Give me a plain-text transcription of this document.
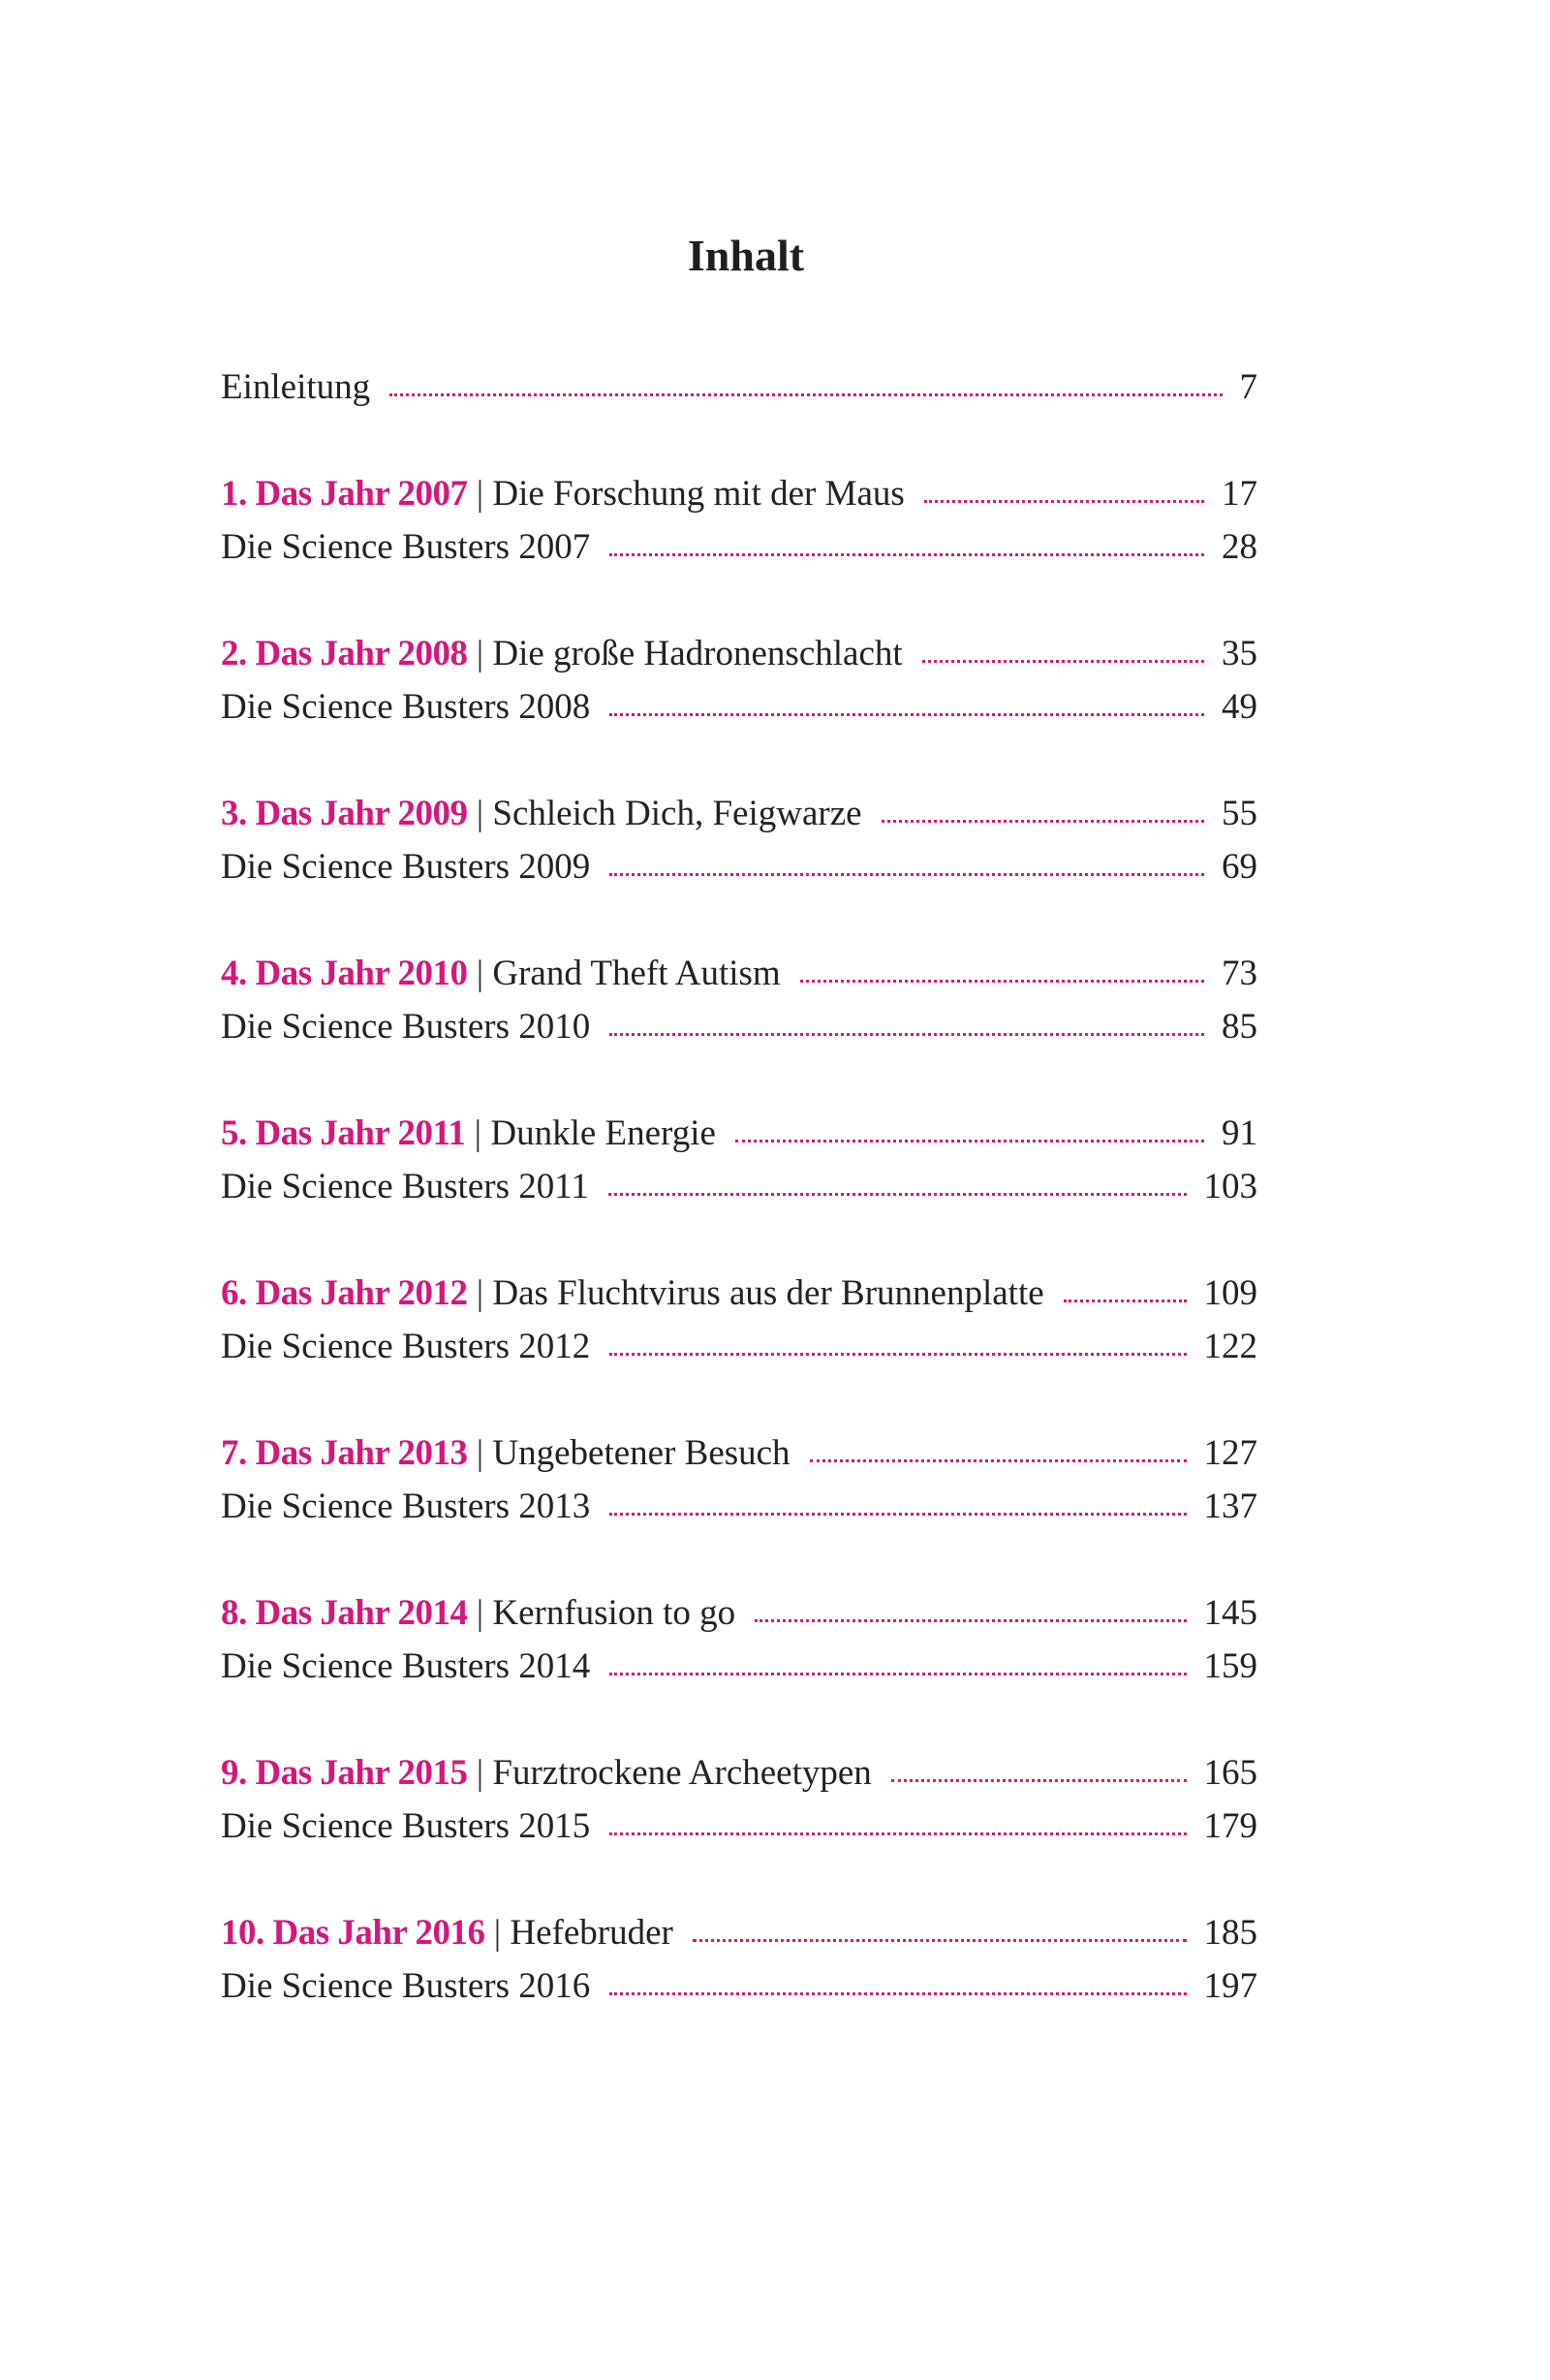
Inhalt
Einleitung	7
1. Das Jahr 2007 | Die Forschung mit der Maus	17
Die Science Busters 2007	28
2. Das Jahr 2008 | Die große Hadronenschlacht	35
Die Science Busters 2008	49
3. Das Jahr 2009 | Schleich Dich, Feigwarze	55
Die Science Busters 2009	69
4. Das Jahr 2010 | Grand Theft Autism	73
Die Science Busters 2010	85
5. Das Jahr 2011 | Dunkle Energie	91
Die Science Busters 2011	103
6. Das Jahr 2012 | Das Fluchtvirus aus der Brunnenplatte	109
Die Science Busters 2012	122
7. Das Jahr 2013 | Ungebetener Besuch	127
Die Science Busters 2013	137
8. Das Jahr 2014 | Kernfusion to go	145
Die Science Busters 2014	159
9. Das Jahr 2015 | Furztrockene Archeetypen	165
Die Science Busters 2015	179
10. Das Jahr 2016 | Hefebruder	185
Die Science Busters 2016	197
